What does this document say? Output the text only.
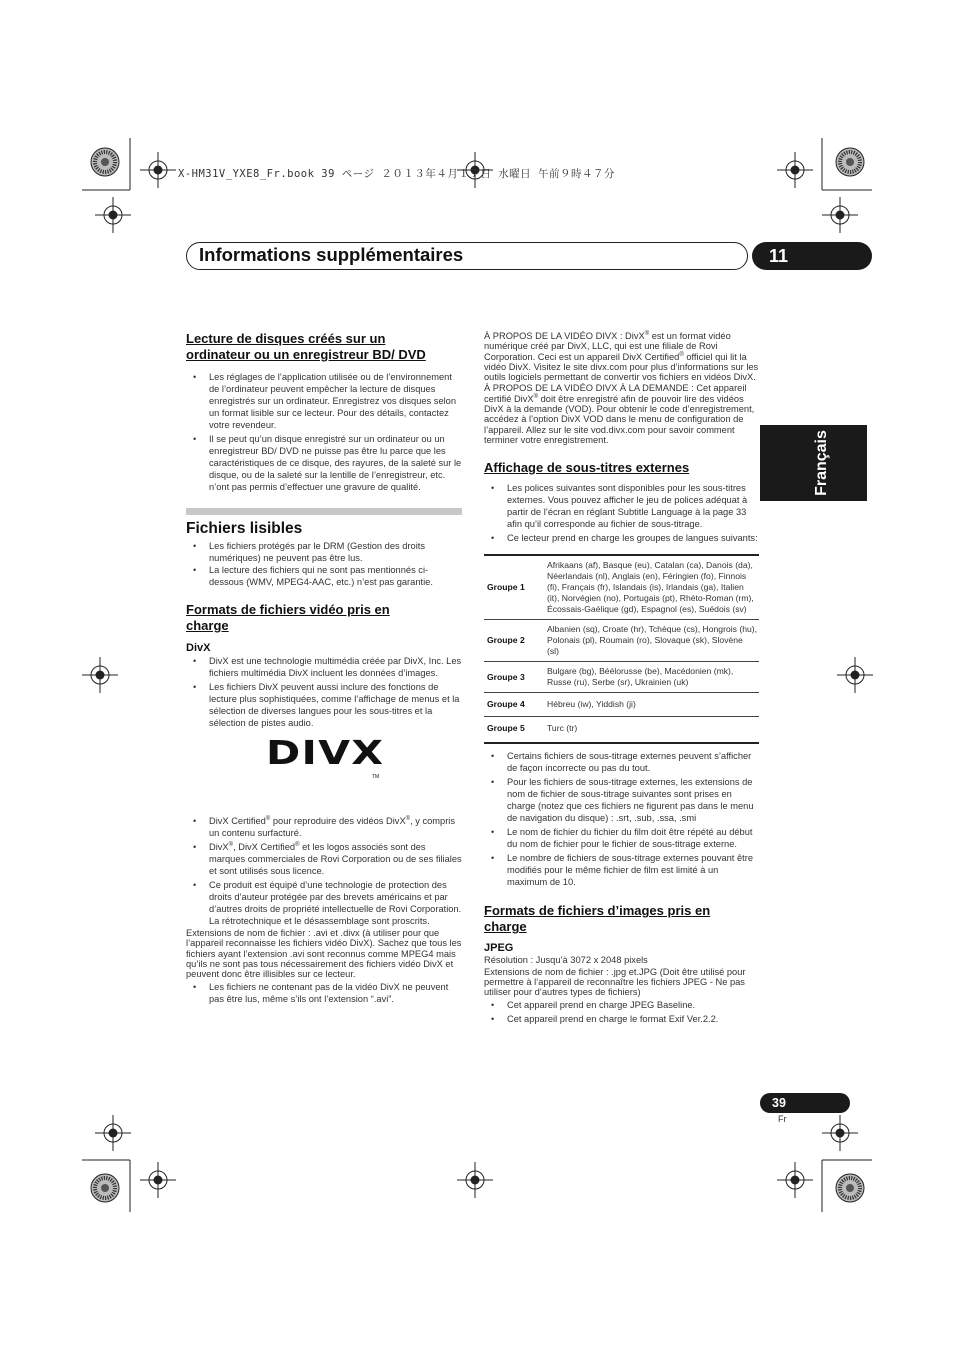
X-HM31V_YXE8_Fr.book 39 ページ ２０１３年４月１７日 水曜日 午前９時４７分
Informations supplémentaires	11
Français

Lecture de disques créés sur un
ordinateur ou un enregistreur BD/ DVD

• Les réglages de l’application utilisée ou de l’environnement de l’ordinateur peuvent empêcher la lecture de disques enregistrés sur un ordinateur. Enregistrez vos disques selon un format lisible sur ce lecteur. Pour des détails, contactez votre revendeur.
• Il se peut qu’un disque enregistré sur un ordinateur ou un enregistreur BD/ DVD ne puisse pas être lu parce que les caractéristiques de ce disque, des rayures, de la saleté sur le disque, ou de la saleté sur la lentille de l’enregistreur, etc. n’ont pas permis d’effectuer une gravure de qualité.

Fichiers lisibles

• Les fichiers protégés par le DRM (Gestion des droits numériques) ne peuvent pas être lus.
• La lecture des fichiers qui ne sont pas mentionnés ci-dessous (WMV, MPEG4-AAC, etc.) n’est pas garantie.

Formats de fichiers vidéo pris en
charge

DivX

• DivX est une technologie multimédia créée par DivX, Inc. Les fichiers multimédia DivX incluent les données d’images.
• Les fichiers DivX peuvent aussi inclure des fonctions de lecture plus sophistiquées, comme l’affichage de menus et la sélection de diverses langues pour les sous-titres et la sélection de pistes audio.
DIVX
TM
• DivX Certified® pour reproduire des vidéos DivX®, y compris un contenu surfacturé.
• DivX®, DivX Certified® et les logos associés sont des marques commerciales de Rovi Corporation ou de ses filiales et sont utilisés sous licence.
• Ce produit est équipé d’une technologie de protection des droits d’auteur protégée par des brevets américains et par d’autres droits de propriété intellectuelle de Rovi Corporation. La rétrotechnique et le désassemblage sont proscrits.

Extensions de nom de fichier : .avi et .divx (à utiliser pour que l’appareil reconnaisse les fichiers vidéo DivX). Sachez que tous les fichiers ayant l’extension .avi sont reconnus comme MPEG4 mais qu’ils ne sont pas tous nécessairement des fichiers vidéo DivX et peuvent donc être illisibles sur ce lecteur.

• Les fichiers ne contenant pas de la vidéo DivX ne peuvent pas être lus, même s’ils ont l’extension “.avi”.

À PROPOS DE LA VIDÉO DIVX : DivX® est un format vidéo numérique créé par DivX, LLC, qui est une filiale de Rovi Corporation. Ceci est un appareil DivX Certified® officiel qui lit la vidéo DivX. Visitez le site divx.com pour plus d’informations sur les outils logiciels permettant de convertir vos fichiers en vidéos DivX.

À PROPOS DE LA VIDÉO DIVX À LA DEMANDE : Cet appareil certifié DivX® doit être enregistré afin de pouvoir lire des vidéos DivX à la demande (VOD). Pour obtenir le code d’enregistrement, accédez à l’option DivX VOD dans le menu de configuration de l’appareil. Allez sur le site vod.divx.com pour savoir comment terminer votre enregistrement.

Affichage de sous-titres externes

• Les polices suivantes sont disponibles pour les sous-titres externes. Vous pouvez afficher le jeu de polices adéquat à partir de l’écran en réglant Subtitle Language à la page 33 afin qu’il corresponde au fichier de sous-titrage.
• Ce lecteur prend en charge les groupes de langues suivants:
Groupe 1	Afrikaans (af), Basque (eu), Catalan (ca), Danois (da), Néerlandais (nl), Anglais (en), Féringien (fo), Finnois (fi), Français (fr), Islandais (is), Irlandais (ga), Italien (it), Norvégien (no), Portugais (pt), Rhéto-Roman (rm), Écossais-Gaélique (gd), Espagnol (es), Suédois (sv)
Groupe 2	Albanien (sq), Croate (hr), Tchèque (cs), Hongrois (hu), Polonais (pl), Roumain (ro), Slovaque (sk), Slovène (sl)
Groupe 3	Bulgare (bg), Béélorusse (be), Macédonien (mk), Russe (ru), Serbe (sr), Ukrainien (uk)
Groupe 4	Hébreu (iw), Yiddish (ji)
Groupe 5	Turc (tr)
• Certains fichiers de sous-titrage externes peuvent s’afficher de façon incorrecte ou pas du tout.
• Pour les fichiers de sous-titrage externes, les extensions de nom de fichier de sous-titrage suivantes sont prises en charge (notez que ces fichiers ne figurent pas dans le menu de navigation du disque) : .srt, .sub, .ssa, .smi
• Le nom de fichier du fichier du film doit être répété au début du nom de fichier pour le fichier de sous-titrage externe.
• Le nombre de fichiers de sous-titrage externes pouvant être modifiés pour le même fichier de film est limité à un maximum de 10.

Formats de fichiers d’images pris en
charge

JPEG

Résolution : Jusqu’à 3072 x 2048 pixels

Extensions de nom de fichier : .jpg et.JPG (Doit être utilisé pour permettre à l’appareil de reconnaître les fichiers JPEG - Ne pas utiliser pour d’autres types de fichiers)

• Cet appareil prend en charge JPEG Baseline.
• Cet appareil prend en charge le format Exif Ver.2.2.
39
Fr
